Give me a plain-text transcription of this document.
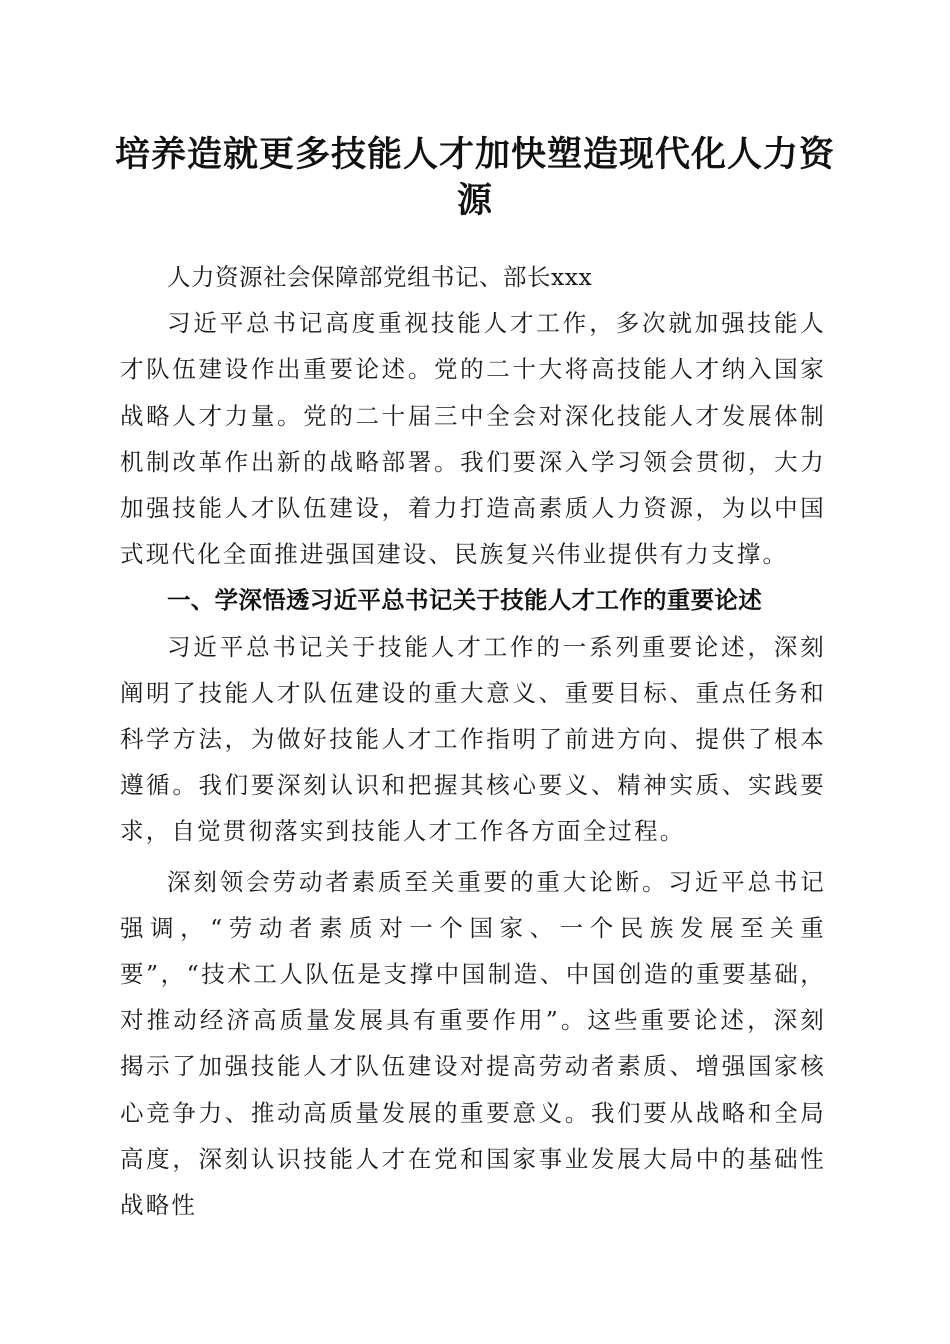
培养造就更多技能人才加快塑造现代化人力资源

人力资源社会保障部党组书记、部长xxx

习近平总书记高度重视技能人才工作，多次就加强技能人才队伍建设作出重要论述。党的二十大将高技能人才纳入国家战略人才力量。党的二十届三中全会对深化技能人才发展体制机制改革作出新的战略部署。我们要深入学习领会贯彻，大力加强技能人才队伍建设，着力打造高素质人力资源，为以中国式现代化全面推进强国建设、民族复兴伟业提供有力支撑。

一、学深悟透习近平总书记关于技能人才工作的重要论述

习近平总书记关于技能人才工作的一系列重要论述，深刻阐明了技能人才队伍建设的重大意义、重要目标、重点任务和科学方法，为做好技能人才工作指明了前进方向、提供了根本遵循。我们要深刻认识和把握其核心要义、精神实质、实践要求，自觉贯彻落实到技能人才工作各方面全过程。

深刻领会劳动者素质至关重要的重大论断。习近平总书记强调，“劳动者素质对一个国家、一个民族发展至关重要”，“技术工人队伍是支撑中国制造、中国创造的重要基础，对推动经济高质量发展具有重要作用”。这些重要论述，深刻揭示了加强技能人才队伍建设对提高劳动者素质、增强国家核心竞争力、推动高质量发展的重要意义。我们要从战略和全局高度，深刻认识技能人才在党和国家事业发展大局中的基础性战略性
